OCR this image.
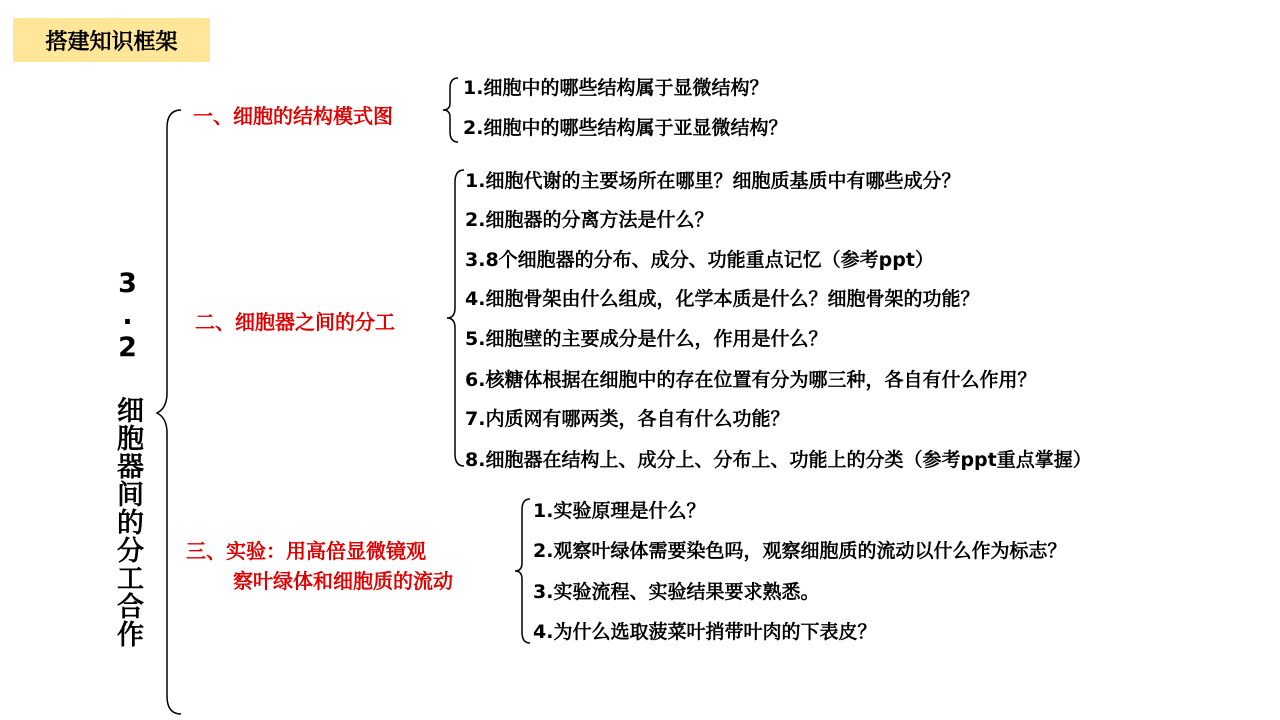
搭建知识框架
3.2 细胞器间的分工合作
一、细胞的结构模式图
1.细胞中的哪些结构属于显微结构？
2.细胞中的哪些结构属于亚显微结构？
二、细胞器之间的分工
1.细胞代谢的主要场所在哪里？细胞质基质中有哪些成分？
2.细胞器的分离方法是什么？
3.8个细胞器的分布、成分、功能重点记忆（参考ppt）
4.细胞骨架由什么组成，化学本质是什么？细胞骨架的功能？
5.细胞壁的主要成分是什么，作用是什么？
6.核糖体根据在细胞中的存在位置有分为哪三种，各自有什么作用？
7.内质网有哪两类，各自有什么功能？
8.细胞器在结构上、成分上、分布上、功能上的分类（参考ppt重点掌握）
三、实验：用高倍显微镜观
察叶绿体和细胞质的流动
1.实验原理是什么？
2.观察叶绿体需要染色吗，观察细胞质的流动以什么作为标志？
3.实验流程、实验结果要求熟悉。
4.为什么选取菠菜叶捎带叶肉的下表皮？
